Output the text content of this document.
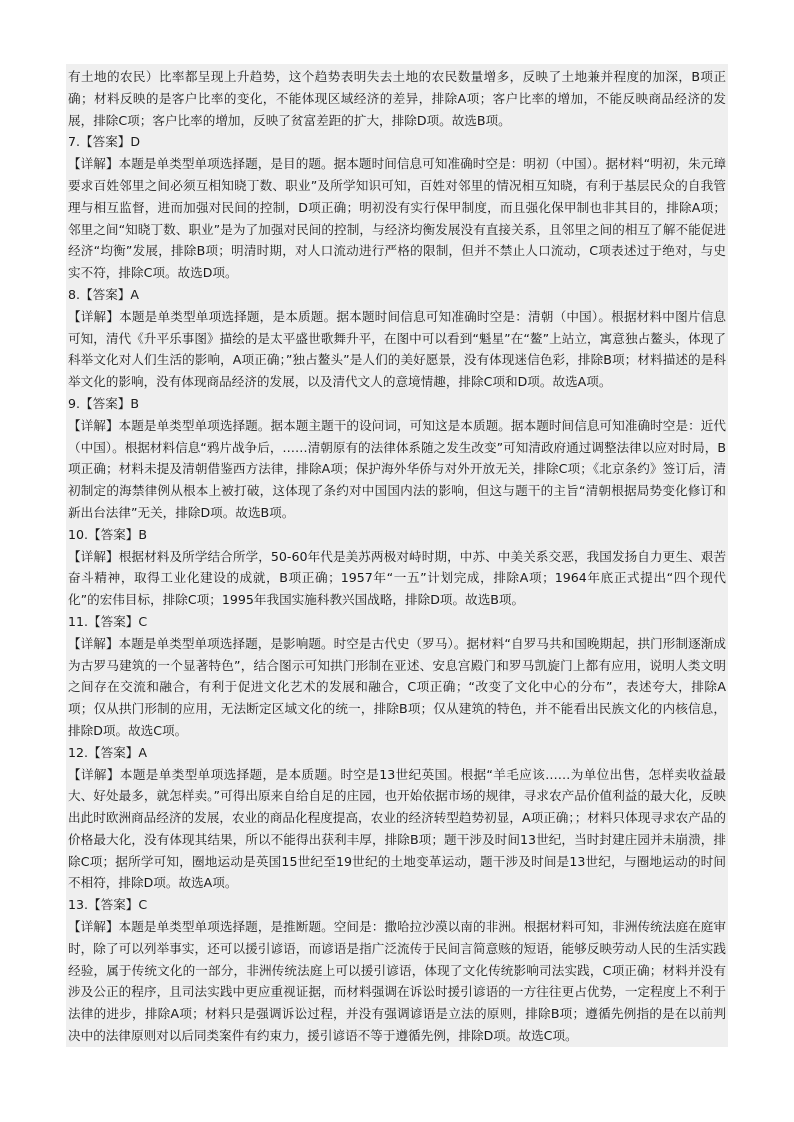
有土地的农民）比率都呈现上升趋势，这个趋势表明失去土地的农民数量增多，反映了土地兼并程度的加深，B项正确；材料反映的是客户比率的变化，不能体现区域经济的差异，排除A项；客户比率的增加，不能反映商品经济的发展，排除C项；客户比率的增加，反映了贫富差距的扩大，排除D项。故选B项。

7.【答案】D

【详解】本题是单类型单项选择题，是目的题。据本题时间信息可知准确时空是：明初（中国）。据材料“明初，朱元璋要求百姓邻里之间必须互相知晓丁数、职业”及所学知识可知，百姓对邻里的情况相互知晓，有利于基层民众的自我管理与相互监督，进而加强对民间的控制，D项正确；明初没有实行保甲制度，而且强化保甲制也非其目的，排除A项；邻里之间“知晓丁数、职业”是为了加强对民间的控制，与经济均衡发展没有直接关系，且邻里之间的相互了解不能促进经济“均衡”发展，排除B项；明清时期，对人口流动进行严格的限制，但并不禁止人口流动，C项表述过于绝对，与史实不符，排除C项。故选D项。

8.【答案】A

【详解】本题是单类型单项选择题，是本质题。据本题时间信息可知准确时空是：清朝（中国）。根据材料中图片信息可知，清代《升平乐事图》描绘的是太平盛世歌舞升平，在图中可以看到“魁星”在“鳌”上站立，寓意独占鳌头，体现了科举文化对人们生活的影响，A项正确；”独占鳌头”是人们的美好愿景，没有体现迷信色彩，排除B项；材料描述的是科举文化的影响，没有体现商品经济的发展，以及清代文人的意境情趣，排除C项和D项。故选A项。

9.【答案】B

【详解】本题是单类型单项选择题。据本题主题干的设问词，可知这是本质题。据本题时间信息可知准确时空是：近代（中国）。根据材料信息“鸦片战争后，……清朝原有的法律体系随之发生改变”可知清政府通过调整法律以应对时局，B项正确；材料未提及清朝借鉴西方法律，排除A项；保护海外华侨与对外开放无关，排除C项；《北京条约》签订后，清初制定的海禁律例从根本上被打破，这体现了条约对中国国内法的影响，但这与题干的主旨“清朝根据局势变化修订和新出台法律”无关，排除D项。故选B项。

10.【答案】B

【详解】根据材料及所学结合所学，50-60年代是美苏两极对峙时期，中苏、中美关系交恶，我国发扬自力更生、艰苦奋斗精神，取得工业化建设的成就，B项正确；1957年“一五”计划完成，排除A项；1964年底正式提出“四个现代化”的宏伟目标，排除C项；1995年我国实施科教兴国战略，排除D项。故选B项。

11.【答案】C

【详解】本题是单类型单项选择题，是影响题。时空是古代史（罗马）。据材料“自罗马共和国晚期起，拱门形制逐渐成为古罗马建筑的一个显著特色”，结合图示可知拱门形制在亚述、安息宫殿门和罗马凯旋门上都有应用，说明人类文明之间存在交流和融合，有利于促进文化艺术的发展和融合，C项正确；“改变了文化中心的分布”，表述夸大，排除A项；仅从拱门形制的应用，无法断定区域文化的统一，排除B项；仅从建筑的特色，并不能看出民族文化的内核信息，排除D项。故选C项。

12.【答案】A

【详解】本题是单类型单项选择题，是本质题。时空是13世纪英国。根据“羊毛应该……为单位出售，怎样卖收益最大、好处最多，就怎样卖。”可得出原来自给自足的庄园，也开始依据市场的规律，寻求农产品价值利益的最大化，反映出此时欧洲商品经济的发展，农业的商品化程度提高，农业的经济转型趋势初显，A项正确；；材料只体现寻求农产品的价格最大化，没有体现其结果，所以不能得出获利丰厚，排除B项；题干涉及时间13世纪，当时封建庄园并未崩溃，排除C项；据所学可知，圈地运动是英国15世纪至19世纪的土地变革运动，题干涉及时间是13世纪，与圈地运动的时间不相符，排除D项。故选A项。

13.【答案】C

【详解】本题是单类型单项选择题，是推断题。空间是：撒哈拉沙漠以南的非洲。根据材料可知，非洲传统法庭在庭审时，除了可以列举事实，还可以援引谚语，而谚语是指广泛流传于民间言简意赅的短语，能够反映劳动人民的生活实践经验，属于传统文化的一部分，非洲传统法庭上可以援引谚语，体现了文化传统影响司法实践，C项正确；材料并没有涉及公正的程序，且司法实践中更应重视证据，而材料强调在诉讼时援引谚语的一方往往更占优势，一定程度上不利于法律的进步，排除A项；材料只是强调诉讼过程，并没有强调谚语是立法的原则，排除B项；遵循先例指的是在以前判决中的法律原则对以后同类案件有约束力，援引谚语不等于遵循先例，排除D项。故选C项。
